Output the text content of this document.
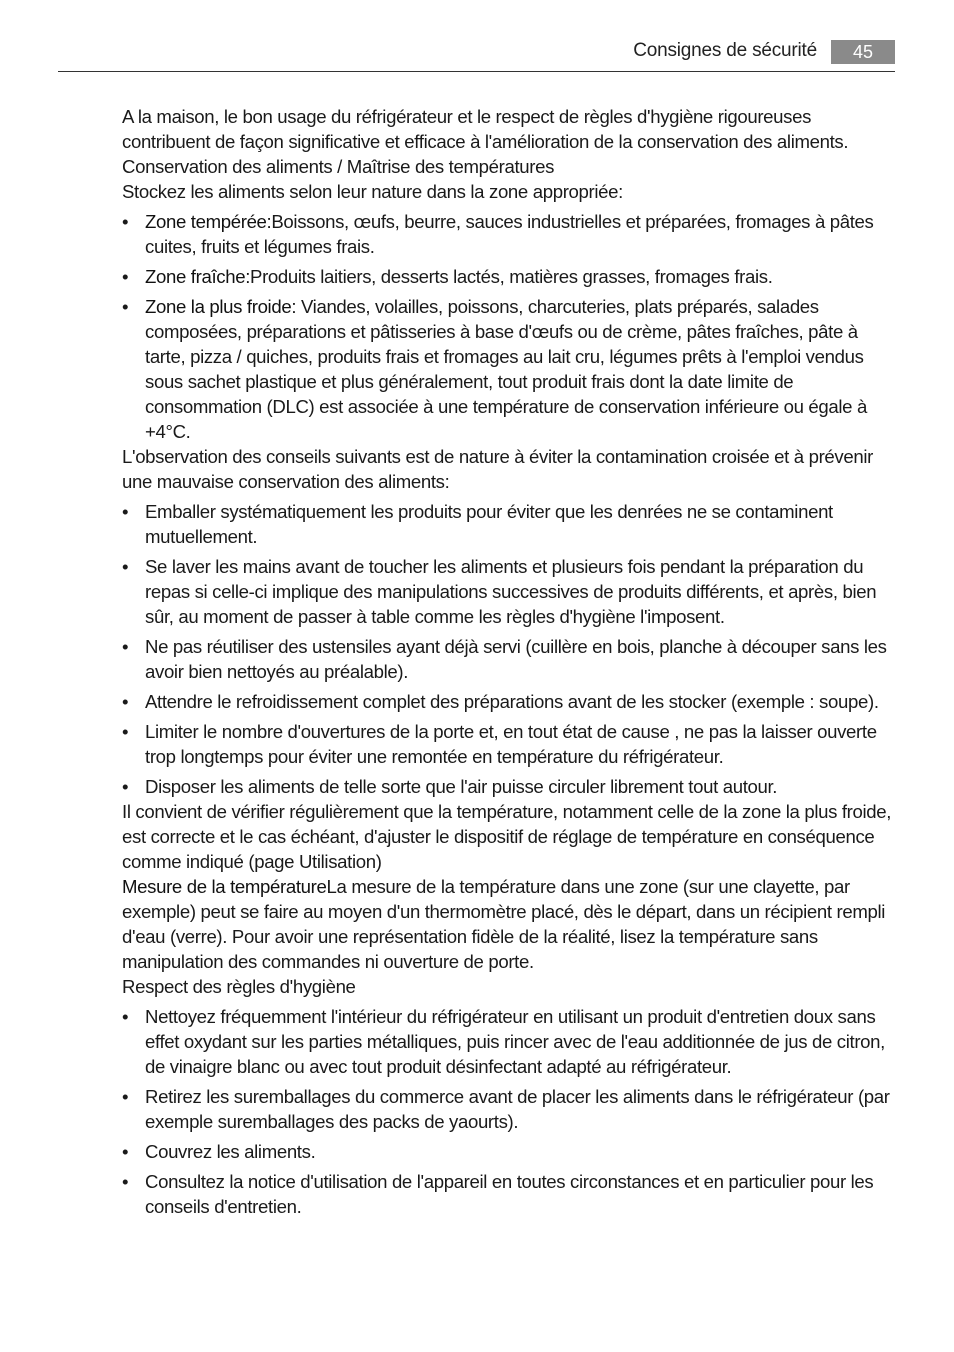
Consignes de sécurité	45

A la maison, le bon usage du réfrigérateur et le respect de règles d'hygiène rigoureuses contribuent de façon significative et efficace à l'amélioration de la conservation des aliments.

Conservation des aliments / Maîtrise des températures

Stockez les aliments selon leur nature dans la zone appropriée:

• Zone tempérée:Boissons, œufs, beurre, sauces industrielles et préparées, fromages à pâtes cuites, fruits et légumes frais.
• Zone fraîche:Produits laitiers, desserts lactés, matières grasses, fromages frais.
• Zone la plus froide: Viandes, volailles, poissons, charcuteries, plats préparés, salades composées, préparations et pâtisseries à base d'œufs ou de crème, pâtes fraîches, pâte à tarte, pizza / quiches, produits frais et fromages au lait cru, légumes prêts à l'emploi vendus sous sachet plastique et plus généralement, tout produit frais dont la date limite de consommation (DLC) est associée à une température de conservation inférieure ou égale à +4°C.

L'observation des conseils suivants est de nature à éviter la contamination croisée et à prévenir une mauvaise conservation des aliments:

• Emballer systématiquement les produits pour éviter que les denrées ne se contaminent mutuellement.
• Se laver les mains avant de toucher les aliments et plusieurs fois pendant la préparation du repas si celle-ci implique des manipulations successives de produits différents, et après, bien sûr, au moment de passer à table comme les règles d'hygiène l'imposent.
• Ne pas réutiliser des ustensiles ayant déjà servi (cuillère en bois, planche à découper sans les avoir bien nettoyés au préalable).
• Attendre le refroidissement complet des préparations avant de les stocker (exemple : soupe).
• Limiter le nombre d'ouvertures de la porte et, en tout état de cause , ne pas la laisser ouverte trop longtemps pour éviter une remontée en température du réfrigérateur.
• Disposer les aliments de telle sorte que l'air puisse circuler librement tout autour.

Il convient de vérifier régulièrement que la température, notamment celle de la zone la plus froide, est correcte et le cas échéant, d'ajuster le dispositif de réglage de température en conséquence comme indiqué (page Utilisation)

Mesure de la températureLa mesure de la température dans une zone (sur une clayette, par exemple) peut se faire au moyen d'un thermomètre placé, dès le départ, dans un récipient rempli d'eau (verre). Pour avoir une représentation fidèle de la réalité, lisez la température sans manipulation des commandes ni ouverture de porte.

Respect des règles d'hygiène

• Nettoyez fréquemment l'intérieur du réfrigérateur en utilisant un produit d'entretien doux sans effet oxydant sur les parties métalliques, puis rincer avec de l'eau additionnée de jus de citron, de vinaigre blanc ou avec tout produit désinfectant adapté au réfrigérateur.
• Retirez les suremballages du commerce avant de placer les aliments dans le réfrigérateur (par exemple suremballages des packs de yaourts).
• Couvrez les aliments.
• Consultez la notice d'utilisation de l'appareil en toutes circonstances et en particulier pour les conseils d'entretien.
